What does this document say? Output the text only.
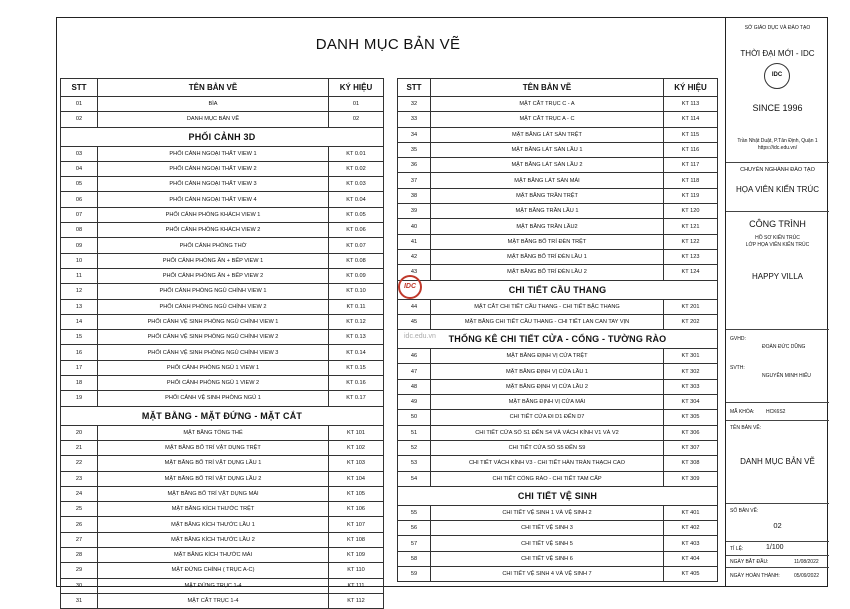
DANH MỤC BẢN VẼ
STT	TÊN BẢN VẼ	KÝ HIỆU
01	BÌA	01
02	DANH MỤC BẢN VẼ	02
PHỐI CẢNH 3D		
03	PHỐI CẢNH NGOẠI THẤT VIEW 1	KT 0.01
04	PHỐI CẢNH NGOẠI THẤT VIEW 2	KT 0.02
05	PHỐI CẢNH NGOẠI THẤT VIEW 3	KT 0.03
06	PHỐI CẢNH NGOẠI THẤT VIEW 4	KT 0.04
07	PHỐI CẢNH PHÒNG KHÁCH VIEW 1	KT 0.05
08	PHỐI CẢNH PHÒNG KHÁCH VIEW 2	KT 0.06
09	PHỐI CẢNH PHÒNG THỜ	KT 0.07
10	PHỐI CẢNH PHÒNG ĂN + BẾP VIEW 1	KT 0.08
11	PHỐI CẢNH PHÒNG ĂN + BẾP VIEW 2	KT 0.09
12	PHỐI CẢNH PHÒNG NGỦ CHÍNH VIEW 1	KT 0.10
13	PHỐI CẢNH PHÒNG NGỦ CHÍNH VIEW 2	KT 0.11
14	PHỐI CẢNH VỆ SINH PHÒNG NGỦ CHÍNH VIEW 1	KT 0.12
15	PHỐI CẢNH VỆ SINH PHÒNG NGỦ CHÍNH VIEW 2	KT 0.13
16	PHỐI CẢNH VỆ SINH PHÒNG NGỦ CHÍNH VIEW 3	KT 0.14
17	PHỐI CẢNH PHÒNG NGỦ 1 VIEW 1	KT 0.15
18	PHỐI CẢNH PHÒNG NGỦ 1 VIEW 2	KT 0.16
19	PHỐI CẢNH VỆ SINH PHÒNG NGỦ 1	KT 0.17
MẶT BẰNG - MẶT ĐỨNG - MẶT CẮT		
20	MẶT BẰNG TỔNG THỂ	KT 101
21	MẶT BẰNG BỐ TRÍ VẬT DỤNG TRỆT	KT 102
22	MẶT BẰNG BỐ TRÍ VẬT DỤNG LẦU 1	KT 103
23	MẶT BẰNG BỐ TRÍ VẬT DỤNG LẦU 2	KT 104
24	MẶT BẰNG BỐ TRÍ VẬT DỤNG MÁI	KT 105
25	MẶT BẰNG KÍCH THƯỚC TRỆT	KT 106
26	MẶT BẰNG KÍCH THƯỚC LẦU 1	KT 107
27	MẶT BẰNG KÍCH THƯỚC LẦU 2	KT 108
28	MẶT BẰNG KÍCH THƯỚC MÁI	KT 109
29	MẶT ĐỨNG CHÍNH ( TRỤC A-C)	KT 110
30	MẶT ĐỨNG TRỤC 1-4	KT 111
31	MẶT CẮT TRỤC 1-4	KT 112
STT	TÊN BẢN VẼ	KÝ HIỆU
32	MẶT CẮT TRỤC C - A	KT 113
33	MẶT CẮT TRỤC A - C	KT 114
34	MẶT BẰNG LÁT SÀN TRỆT	KT 115
35	MẶT BẰNG LÁT SÀN LẦU 1	KT 116
36	MẶT BẰNG LÁT SÀN LẦU 2	KT 117
37	MẶT BẰNG LÁT SÀN MÁI	KT 118
38	MẶT BẰNG TRẦN TRỆT	KT 119
39	MẶT BẰNG TRẦN LẦU 1	KT 120
40	MẶT BẰNG TRẦN LẦU2	KT 121
41	MẶT BẰNG BỐ TRÍ ĐÈN TRỆT	KT 122
42	MẶT BẰNG BỐ TRÍ ĐÈN LẦU 1	KT 123
43	MẶT BẰNG BỐ TRÍ ĐÈN LẦU 2	KT 124
CHI TIẾT CẦU THANG		
44	MẶT CẮT CHI TIẾT CẦU THANG - CHI TIẾT BẬC THANG	KT 201
45	MẶT BẰNG CHI TIẾT CẦU THANG - CHI TIẾT LAN CAN TAY VỊN	KT 202
THỐNG KÊ CHI TIẾT CỬA - CỔNG - TƯỜNG RÀO		
46	MẶT BẰNG ĐỊNH VỊ CỬA TRỆT	KT 301
47	MẶT BẰNG ĐỊNH VỊ CỬA LẦU 1	KT 302
48	MẶT BẰNG ĐỊNH VỊ CỬA LẦU 2	KT 303
49	MẶT BẰNG ĐỊNH VỊ CỬA MÁI	KT 304
50	CHI TIẾT CỬA ĐI D1 ĐẾN D7	KT 305
51	CHI TIẾT CỬA SỔ S1 ĐẾN S4 VÀ VÁCH KÍNH V1 VÀ V2	KT 306
52	CHI TIẾT CỬA SỔ S5 ĐẾN S9	KT 307
53	CHI TIẾT VÁCH KÍNH V3 - CHI TIẾT HÀN TRÀN THẠCH CAO	KT 308
54	CHI TIẾT CỔNG RÀO - CHI TIẾT TAM CẤP	KT 309
CHI TIẾT VỆ SINH		
55	CHI TIẾT VỆ SINH 1 VÀ VỆ SINH 2	KT 401
56	CHI TIẾT VỆ SINH 3	KT 402
57	CHI TIẾT VỆ SINH 5	KT 403
58	CHI TIẾT VỆ SINH 6	KT 404
59	CHI TIẾT VỆ SINH 4 VÀ VỆ SINH 7	KT 405
IDC
idc.edu.vn
SỞ GIÁO DỤC VÀ ĐÀO TẠO
THỜI ĐẠI MỚI - IDC
IDC
SINCE 1996
Trần Nhật Duật, P.Tân Định, Quận 1
https://idc.edu.vn/
CHUYÊN NGHÀNH ĐÀO TẠO
HỌA VIÊN KIẾN TRÚC
CÔNG TRÌNH
HỒ SƠ KIẾN TRÚC
LỚP HỌA VIÊN KIẾN TRÚC
HAPPY VILLA
GVHD:
ĐOÀN ĐỨC DŨNG
SVTH:
NGUYỄN MINH HIẾU
MÃ KHÓA: HCK6S2
TÊN BẢN VẼ:
DANH MỤC BẢN VẼ
SỐ BẢN VẼ:
02
TỈ LỆ:	1/100
NGÀY BẮT ĐẦU:	11/08/2022
NGÀY HOÀN THÀNH:	05/09/2022
